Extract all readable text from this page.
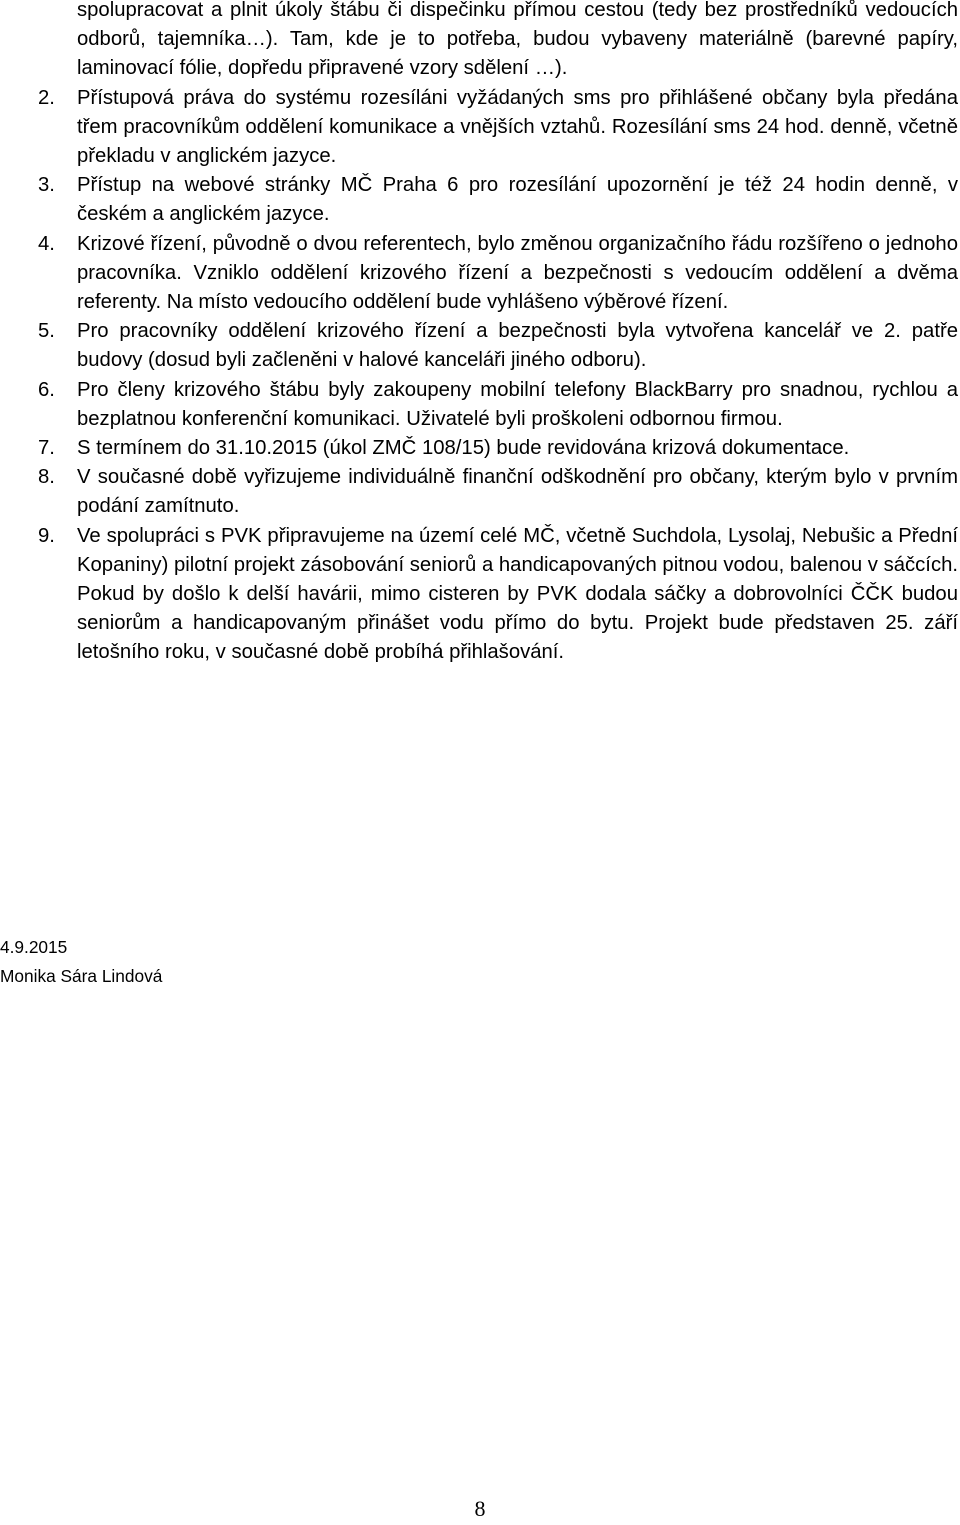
spolupracovat a plnit úkoly štábu či dispečinku přímou cestou (tedy bez prostředníků vedoucích odborů, tajemníka…). Tam, kde je to potřeba, budou vybaveny materiálně (barevné papíry, laminovací fólie, dopředu připravené vzory sdělení …).
2.	Přístupová práva do systému rozesíláni vyžádaných sms pro přihlášené občany byla předána třem pracovníkům oddělení komunikace a vnějších vztahů. Rozesílání sms 24 hod. denně, včetně překladu v anglickém jazyce.
3.	Přístup na webové stránky MČ Praha 6 pro rozesílání upozornění je též 24 hodin denně, v českém a anglickém jazyce.
4.	Krizové řízení, původně o dvou referentech, bylo změnou organizačního řádu rozšířeno o jednoho pracovníka. Vzniklo oddělení krizového řízení a bezpečnosti s vedoucím oddělení a dvěma referenty. Na místo vedoucího oddělení bude vyhlášeno výběrové řízení.
5.	Pro pracovníky oddělení krizového řízení a bezpečnosti byla vytvořena kancelář ve 2. patře budovy (dosud byli začleněni v halové kanceláři jiného odboru).
6.	Pro členy krizového štábu byly zakoupeny mobilní telefony BlackBarry pro snadnou, rychlou a bezplatnou konferenční komunikaci. Uživatelé byli proškoleni odbornou firmou.
7.	S termínem do 31.10.2015 (úkol ZMČ 108/15) bude revidována krizová dokumentace.
8.	V současné době vyřizujeme individuálně finanční odškodnění pro občany, kterým bylo v prvním podání zamítnuto.
9.	Ve spolupráci s PVK připravujeme na území celé MČ, včetně Suchdola, Lysolaj, Nebušic a Přední Kopaniny) pilotní projekt zásobování seniorů a handicapovaných pitnou vodou, balenou v sáčcích. Pokud by došlo k delší havárii, mimo cisteren by PVK dodala sáčky a dobrovolníci ČČK budou seniorům a handicapovaným přinášet vodu přímo do bytu. Projekt bude představen 25. září letošního roku, v současné době probíhá přihlašování.
4.9.2015
Monika Sára Lindová
8
